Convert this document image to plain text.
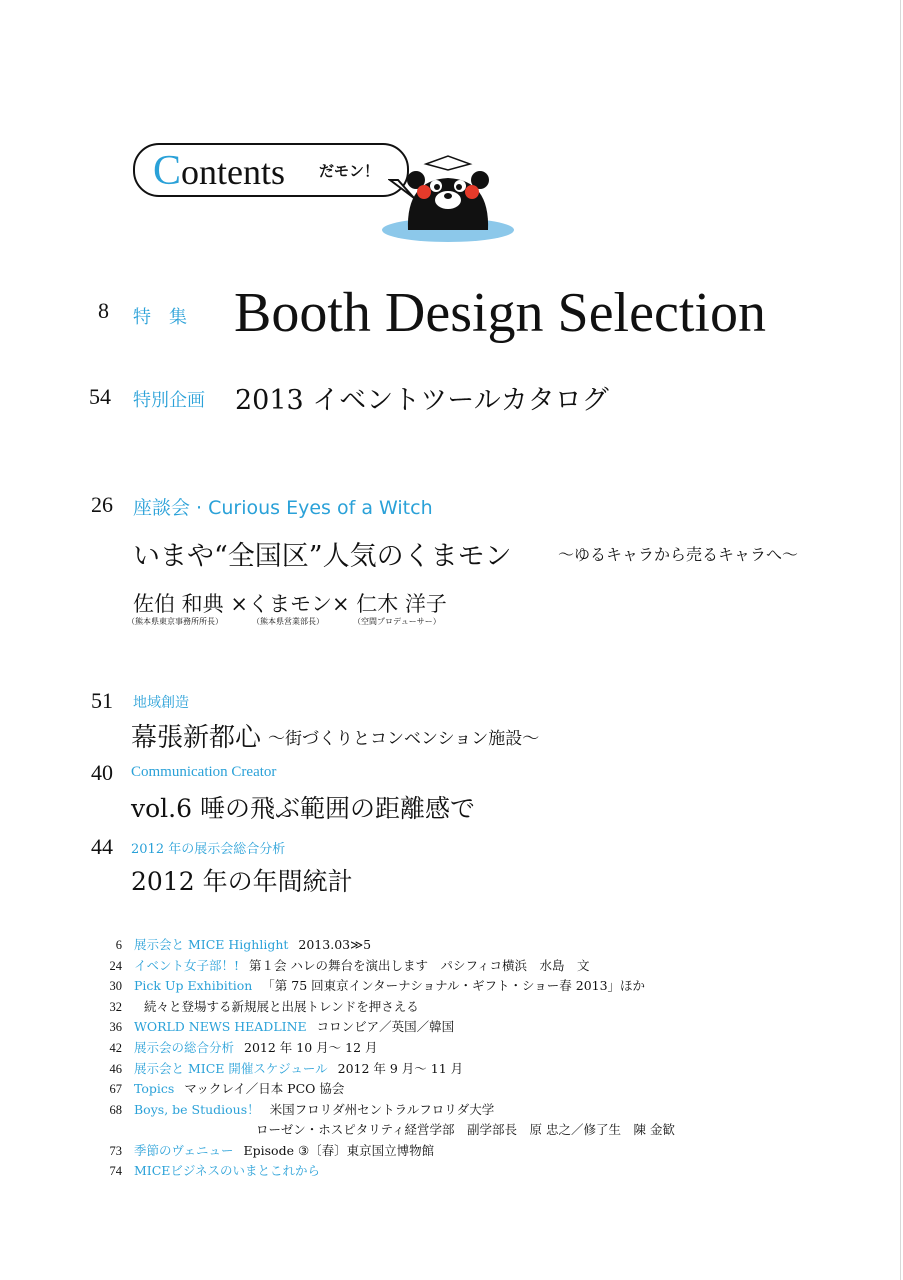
Contents だモン！
8 特　集 Booth Design Selection
54 特別企画 2013 イベントツールカタログ
26 座談会 · Curious Eyes of a Witch
いまや“全国区”人気のくまモン	〜ゆるキャラから売るキャラへ〜
佐伯 和典 ×くまモン× 仁木 洋子
（熊本県東京事務所所長）	（熊本県営業部長）	（空間プロデューサー）
51 地域創造
幕張新都心 〜街づくりとコンベンション施設〜
40 Communication Creator
vol.6 唾の飛ぶ範囲の距離感で
44 2012 年の展示会総合分析
2012 年の年間統計
6 展示会と MICE Highlight 2013.03≫5
24 イベント女子部！! 第１会 ハレの舞台を演出します　パシフィコ横浜　水島　文
30 Pick Up Exhibition 「第 75 回東京インターナショナル・ギフト・ショー春 2013」ほか
32 続々と登場する新規展と出展トレンドを押さえる
36 WORLD NEWS HEADLINE コロンビア／英国／韓国
42 展示会の総合分析 2012 年 10 月〜 12 月
46 展示会と MICE 開催スケジュール 2012 年 9 月〜 11 月
67 Topics マックレイ／日本 PCO 協会
68 Boys, be Studious！ 米国フロリダ州セントラルフロリダ大学
ローゼン・ホスピタリティ経営学部　副学部長　原 忠之／修了生　陳 金歓
73 季節のヴェニュー Episode ③〔春〕東京国立博物館
74 MICEビジネスのいまとこれから
